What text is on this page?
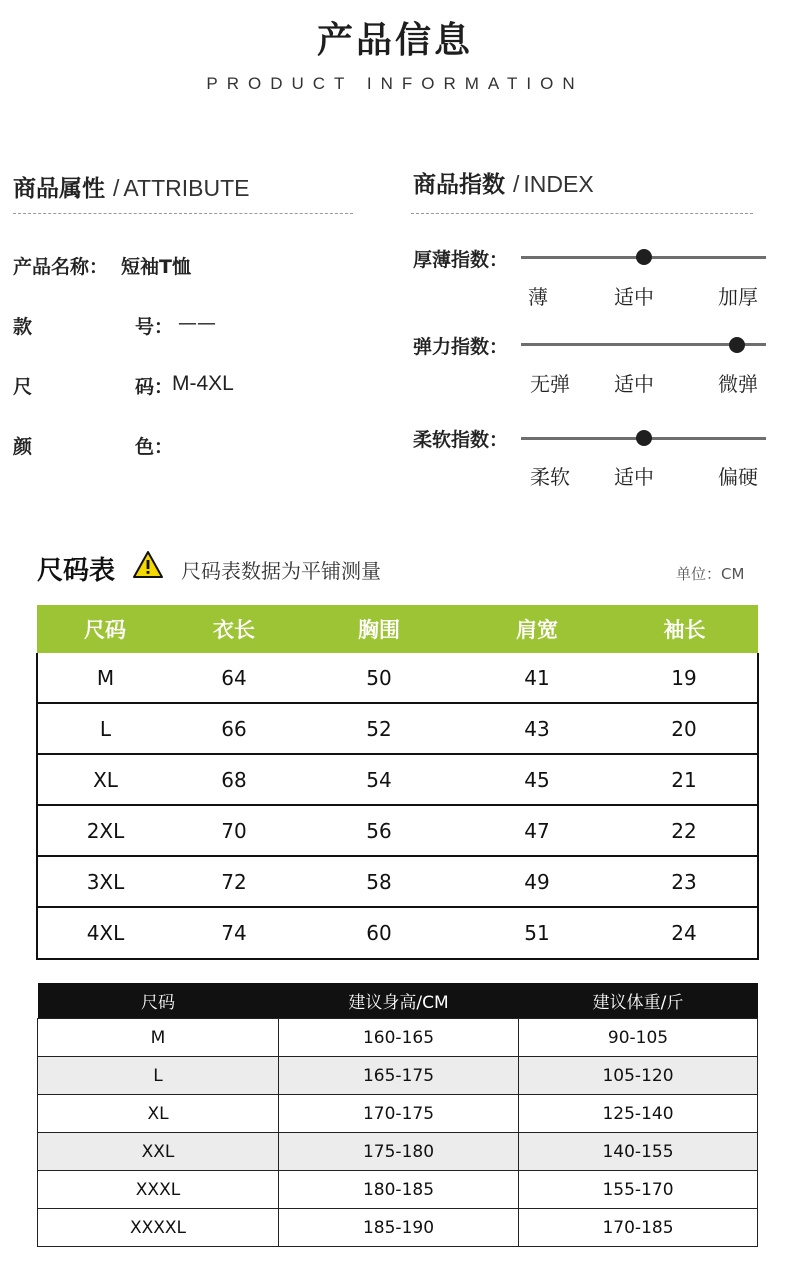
产品信息
PRODUCT INFORMATION
商品属性 / ATTRIBUTE
产品名称： 短袖T恤
款	号： ——
尺	码：
M-4XL
颜	色：
商品指数 / INDEX
厚薄指数：
薄	适中	加厚
弹力指数：
无弹	适中	微弹
柔软指数：
柔软	适中	偏硬
尺码表	尺码表数据为平铺测量	单位：CM
尺码	衣长	胸围	肩宽	袖长
M	64	50	41	19
L	66	52	43	20
XL	68	54	45	21
2XL	70	56	47	22
3XL	72	58	49	23
4XL	74	60	51	24
尺码	建议身高/CM	建议体重/斤
M	160-165	90-105
L	165-175	105-120
XL	170-175	125-140
XXL	175-180	140-155
XXXL	180-185	155-170
XXXXL	185-190	170-185
